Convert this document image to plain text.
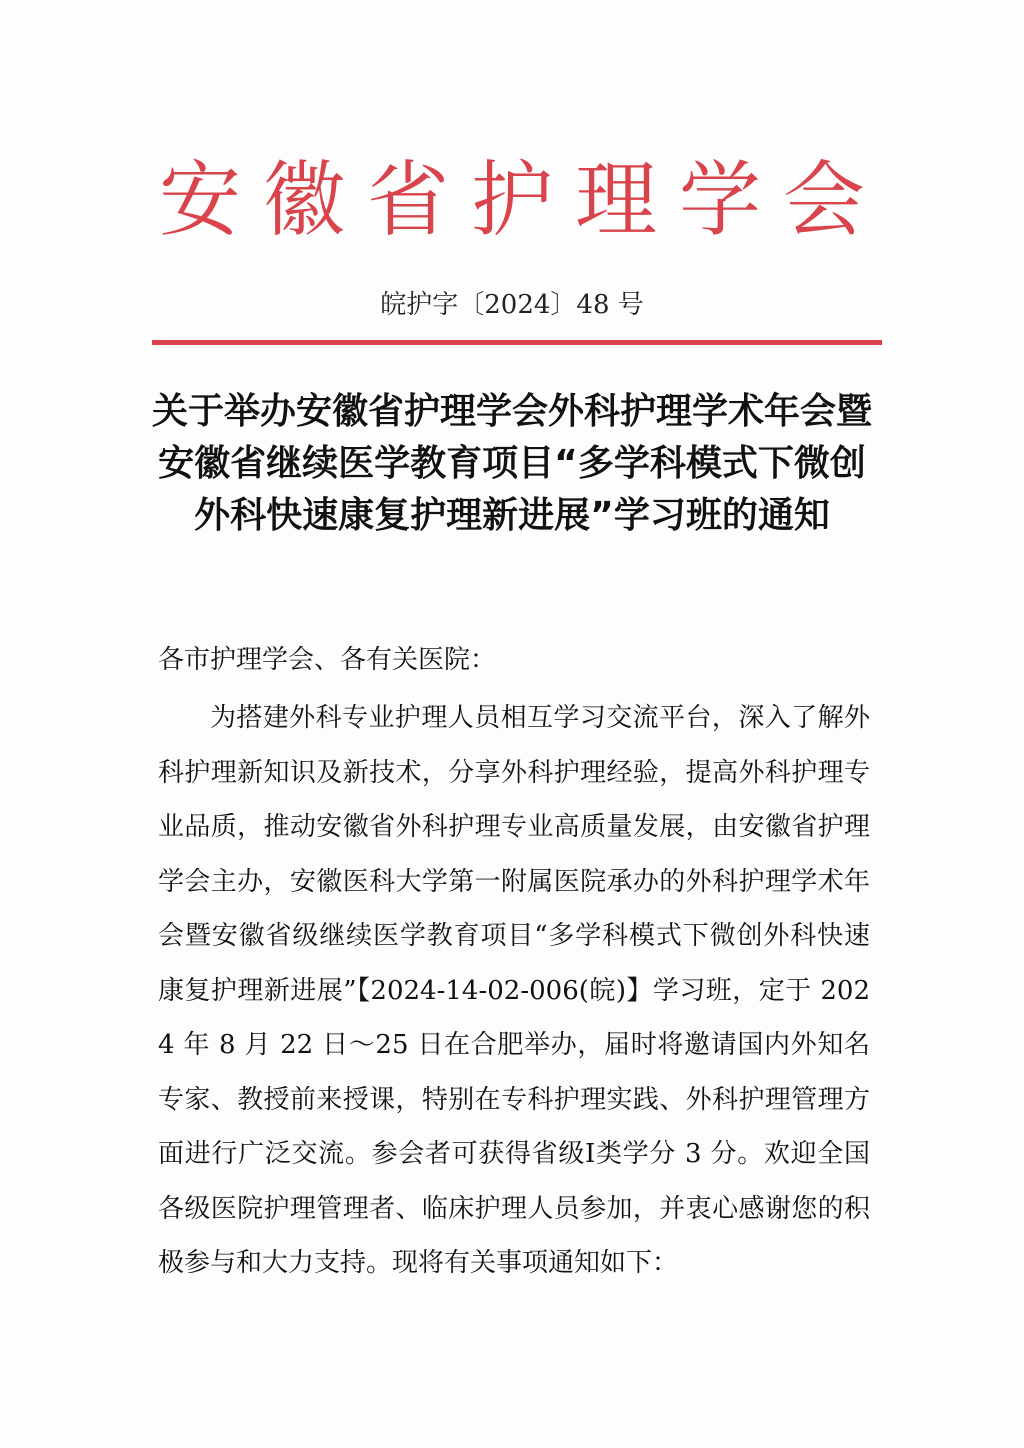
安徽省护理学会
皖护字〔2024〕48 号
关于举办安徽省护理学会外科护理学术年会暨安徽省继续医学教育项目“多学科模式下微创外科快速康复护理新进展”学习班的通知

各市护理学会、各有关医院：

为搭建外科专业护理人员相互学习交流平台，深入了解外科护理新知识及新技术，分享外科护理经验，提高外科护理专业品质，推动安徽省外科护理专业高质量发展，由安徽省护理学会主办，安徽医科大学第一附属医院承办的外科护理学术年会暨安徽省级继续医学教育项目“多学科模式下微创外科快速康复护理新进展”【2024-14-02-006(皖)】学习班，定于 2024 年 8 月 22 日～25 日在合肥举办，届时将邀请国内外知名专家、教授前来授课，特别在专科护理实践、外科护理管理方面进行广泛交流。参会者可获得省级Ⅰ类学分 3 分。欢迎全国各级医院护理管理者、临床护理人员参加，并衷心感谢您的积极参与和大力支持。现将有关事项通知如下：
